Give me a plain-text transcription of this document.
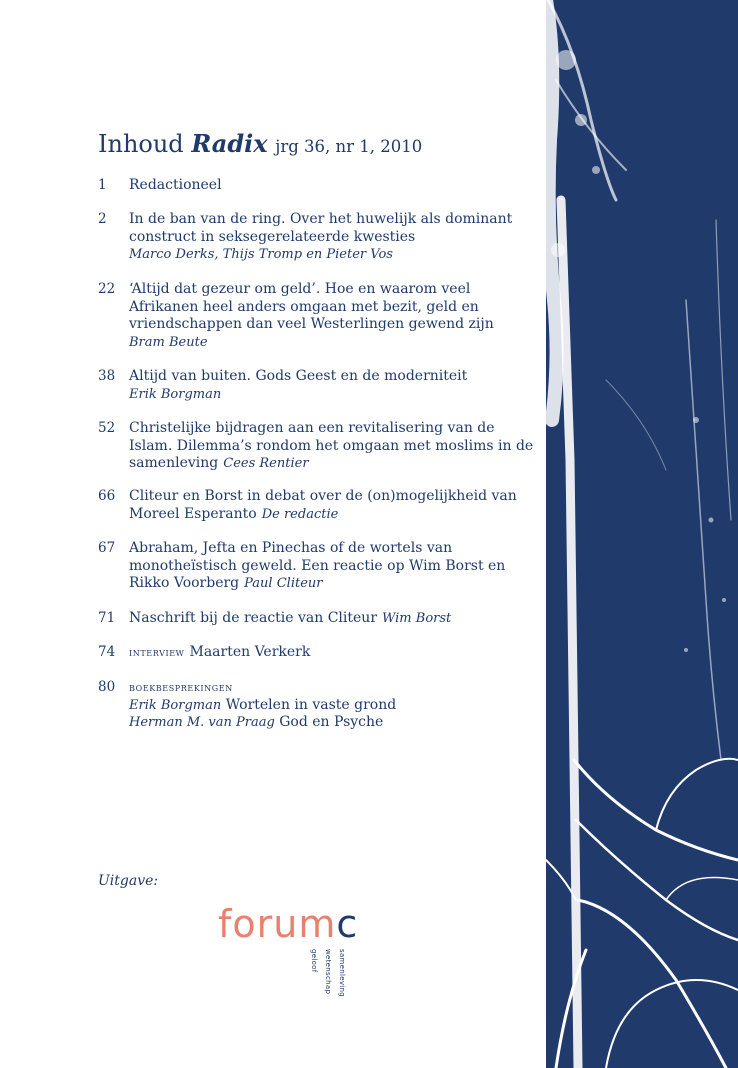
Inhoud Radix jrg 36, nr 1, 2010
1 Redactioneel
2 In de ban van de ring. Over het huwelijk als dominant construct in seksegerelateerde kwesties
Marco Derks, Thijs Tromp en Pieter Vos
22 ‘Altijd dat gezeur om geld’. Hoe en waarom veel Afrikanen heel anders omgaan met bezit, geld en vriendschappen dan veel Westerlingen gewend zijn
Bram Beute
38 Altijd van buiten. Gods Geest en de moderniteit
Erik Borgman
52 Christelijke bijdragen aan een revitalisering van de Islam. Dilemma’s rondom het omgaan met moslims in de samenleving Cees Rentier
66 Cliteur en Borst in debat over de (on)mogelijkheid van Moreel Esperanto De redactie
67 Abraham, Jefta en Pinechas of de wortels van monotheïstisch geweld. Een reactie op Wim Borst en Rikko Voorberg Paul Cliteur
71 Naschrift bij de reactie van Cliteur Wim Borst
74 interview Maarten Verkerk
80 boekbesprekingen
Erik Borgman Wortelen in vaste grond
Herman M. van Praag God en Psyche
Uitgave:
forumc
geloof wetenschap samenleving
